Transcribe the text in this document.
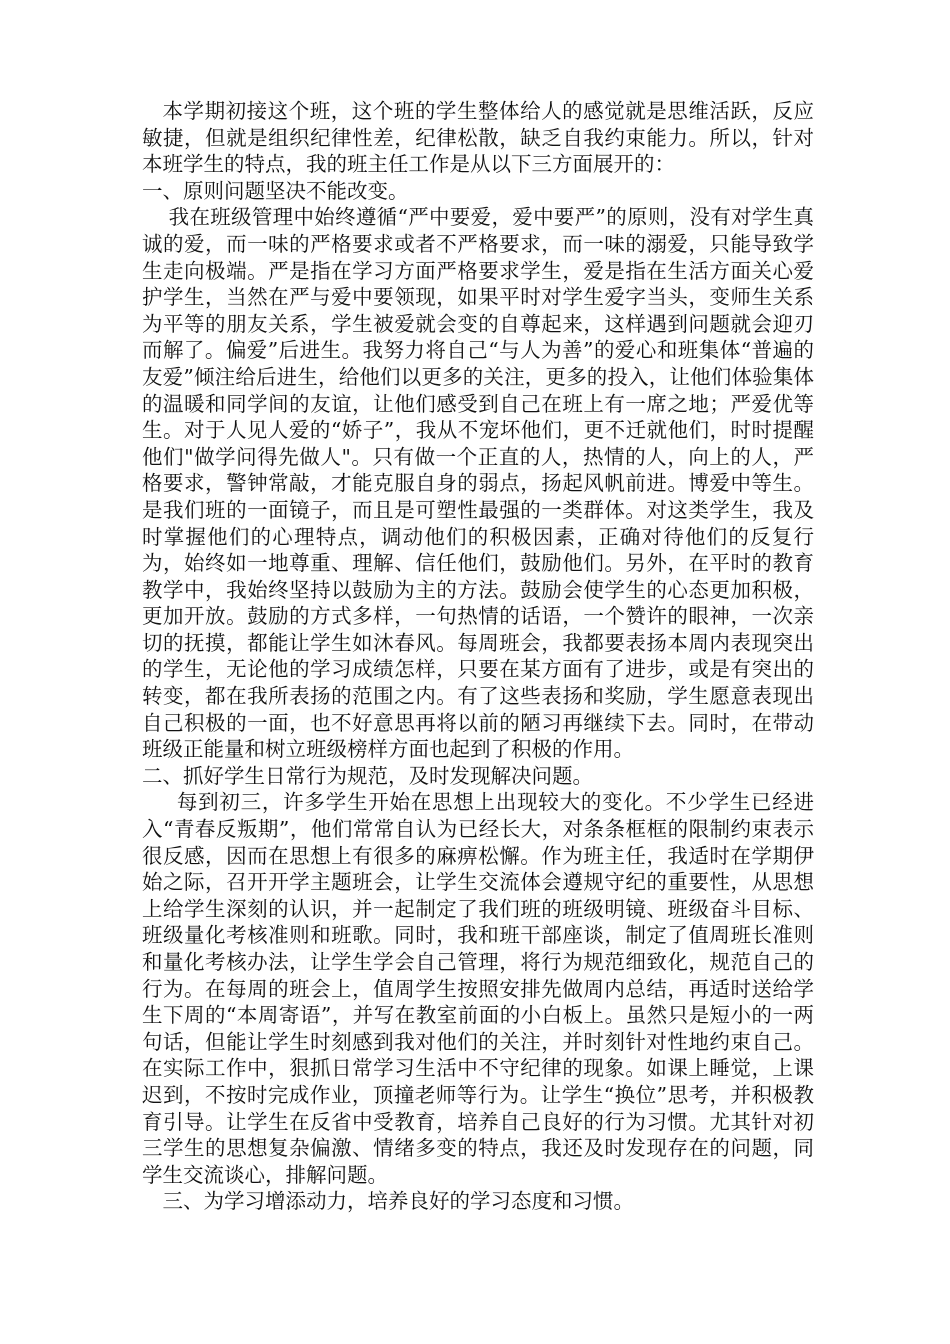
本学期初接这个班，这个班的学生整体给人的感觉就是思维活跃，反应敏捷，但就是组织纪律性差，纪律松散，缺乏自我约束能力。所以，针对本班学生的特点，我的班主任工作是从以下三方面展开的：

一、原则问题坚决不能改变。

我在班级管理中始终遵循“严中要爱，爱中要严”的原则，没有对学生真诚的爱，而一味的严格要求或者不严格要求，而一味的溺爱，只能导致学生走向极端。严是指在学习方面严格要求学生，爱是指在生活方面关心爱护学生，当然在严与爱中要领现，如果平时对学生爱字当头，变师生关系为平等的朋友关系，学生被爱就会变的自尊起来，这样遇到问题就会迎刃而解了。偏爱”后进生。我努力将自己“与人为善”的爱心和班集体“普遍的友爱”倾注给后进生，给他们以更多的关注，更多的投入，让他们体验集体的温暖和同学间的友谊，让他们感受到自己在班上有一席之地；严爱优等生。对于人见人爱的“娇子”，我从不宠坏他们，更不迁就他们，时时提醒他们"做学问得先做人"。只有做一个正直的人，热情的人，向上的人，严格要求，警钟常敲，才能克服自身的弱点，扬起风帆前进。博爱中等生。是我们班的一面镜子，而且是可塑性最强的一类群体。对这类学生，我及时掌握他们的心理特点，调动他们的积极因素，正确对待他们的反复行为，始终如一地尊重、理解、信任他们，鼓励他们。另外，在平时的教育教学中，我始终坚持以鼓励为主的方法。鼓励会使学生的心态更加积极，更加开放。鼓励的方式多样，一句热情的话语，一个赞许的眼神，一次亲切的抚摸，都能让学生如沐春风。每周班会，我都要表扬本周内表现突出的学生，无论他的学习成绩怎样，只要在某方面有了进步，或是有突出的转变，都在我所表扬的范围之内。有了这些表扬和奖励，学生愿意表现出自己积极的一面，也不好意思再将以前的陋习再继续下去。同时，在带动班级正能量和树立班级榜样方面也起到了积极的作用。

二、抓好学生日常行为规范，及时发现解决问题。

每到初三，许多学生开始在思想上出现较大的变化。不少学生已经进入“青春反叛期”，他们常常自认为已经长大，对条条框框的限制约束表示很反感，因而在思想上有很多的麻痹松懈。作为班主任，我适时在学期伊始之际，召开开学主题班会，让学生交流体会遵规守纪的重要性，从思想上给学生深刻的认识，并一起制定了我们班的班级明镜、班级奋斗目标、班级量化考核准则和班歌。同时，我和班干部座谈，制定了值周班长准则和量化考核办法，让学生学会自己管理，将行为规范细致化，规范自己的行为。在每周的班会上，值周学生按照安排先做周内总结，再适时送给学生下周的“本周寄语”，并写在教室前面的小白板上。虽然只是短小的一两句话，但能让学生时刻感到我对他们的关注，并时刻针对性地约束自己。在实际工作中，狠抓日常学习生活中不守纪律的现象。如课上睡觉，上课迟到，不按时完成作业，顶撞老师等行为。让学生“换位”思考，并积极教育引导。让学生在反省中受教育，培养自己良好的行为习惯。尤其针对初三学生的思想复杂偏激、情绪多变的特点，我还及时发现存在的问题，同学生交流谈心，排解问题。

三、为学习增添动力，培养良好的学习态度和习惯。
